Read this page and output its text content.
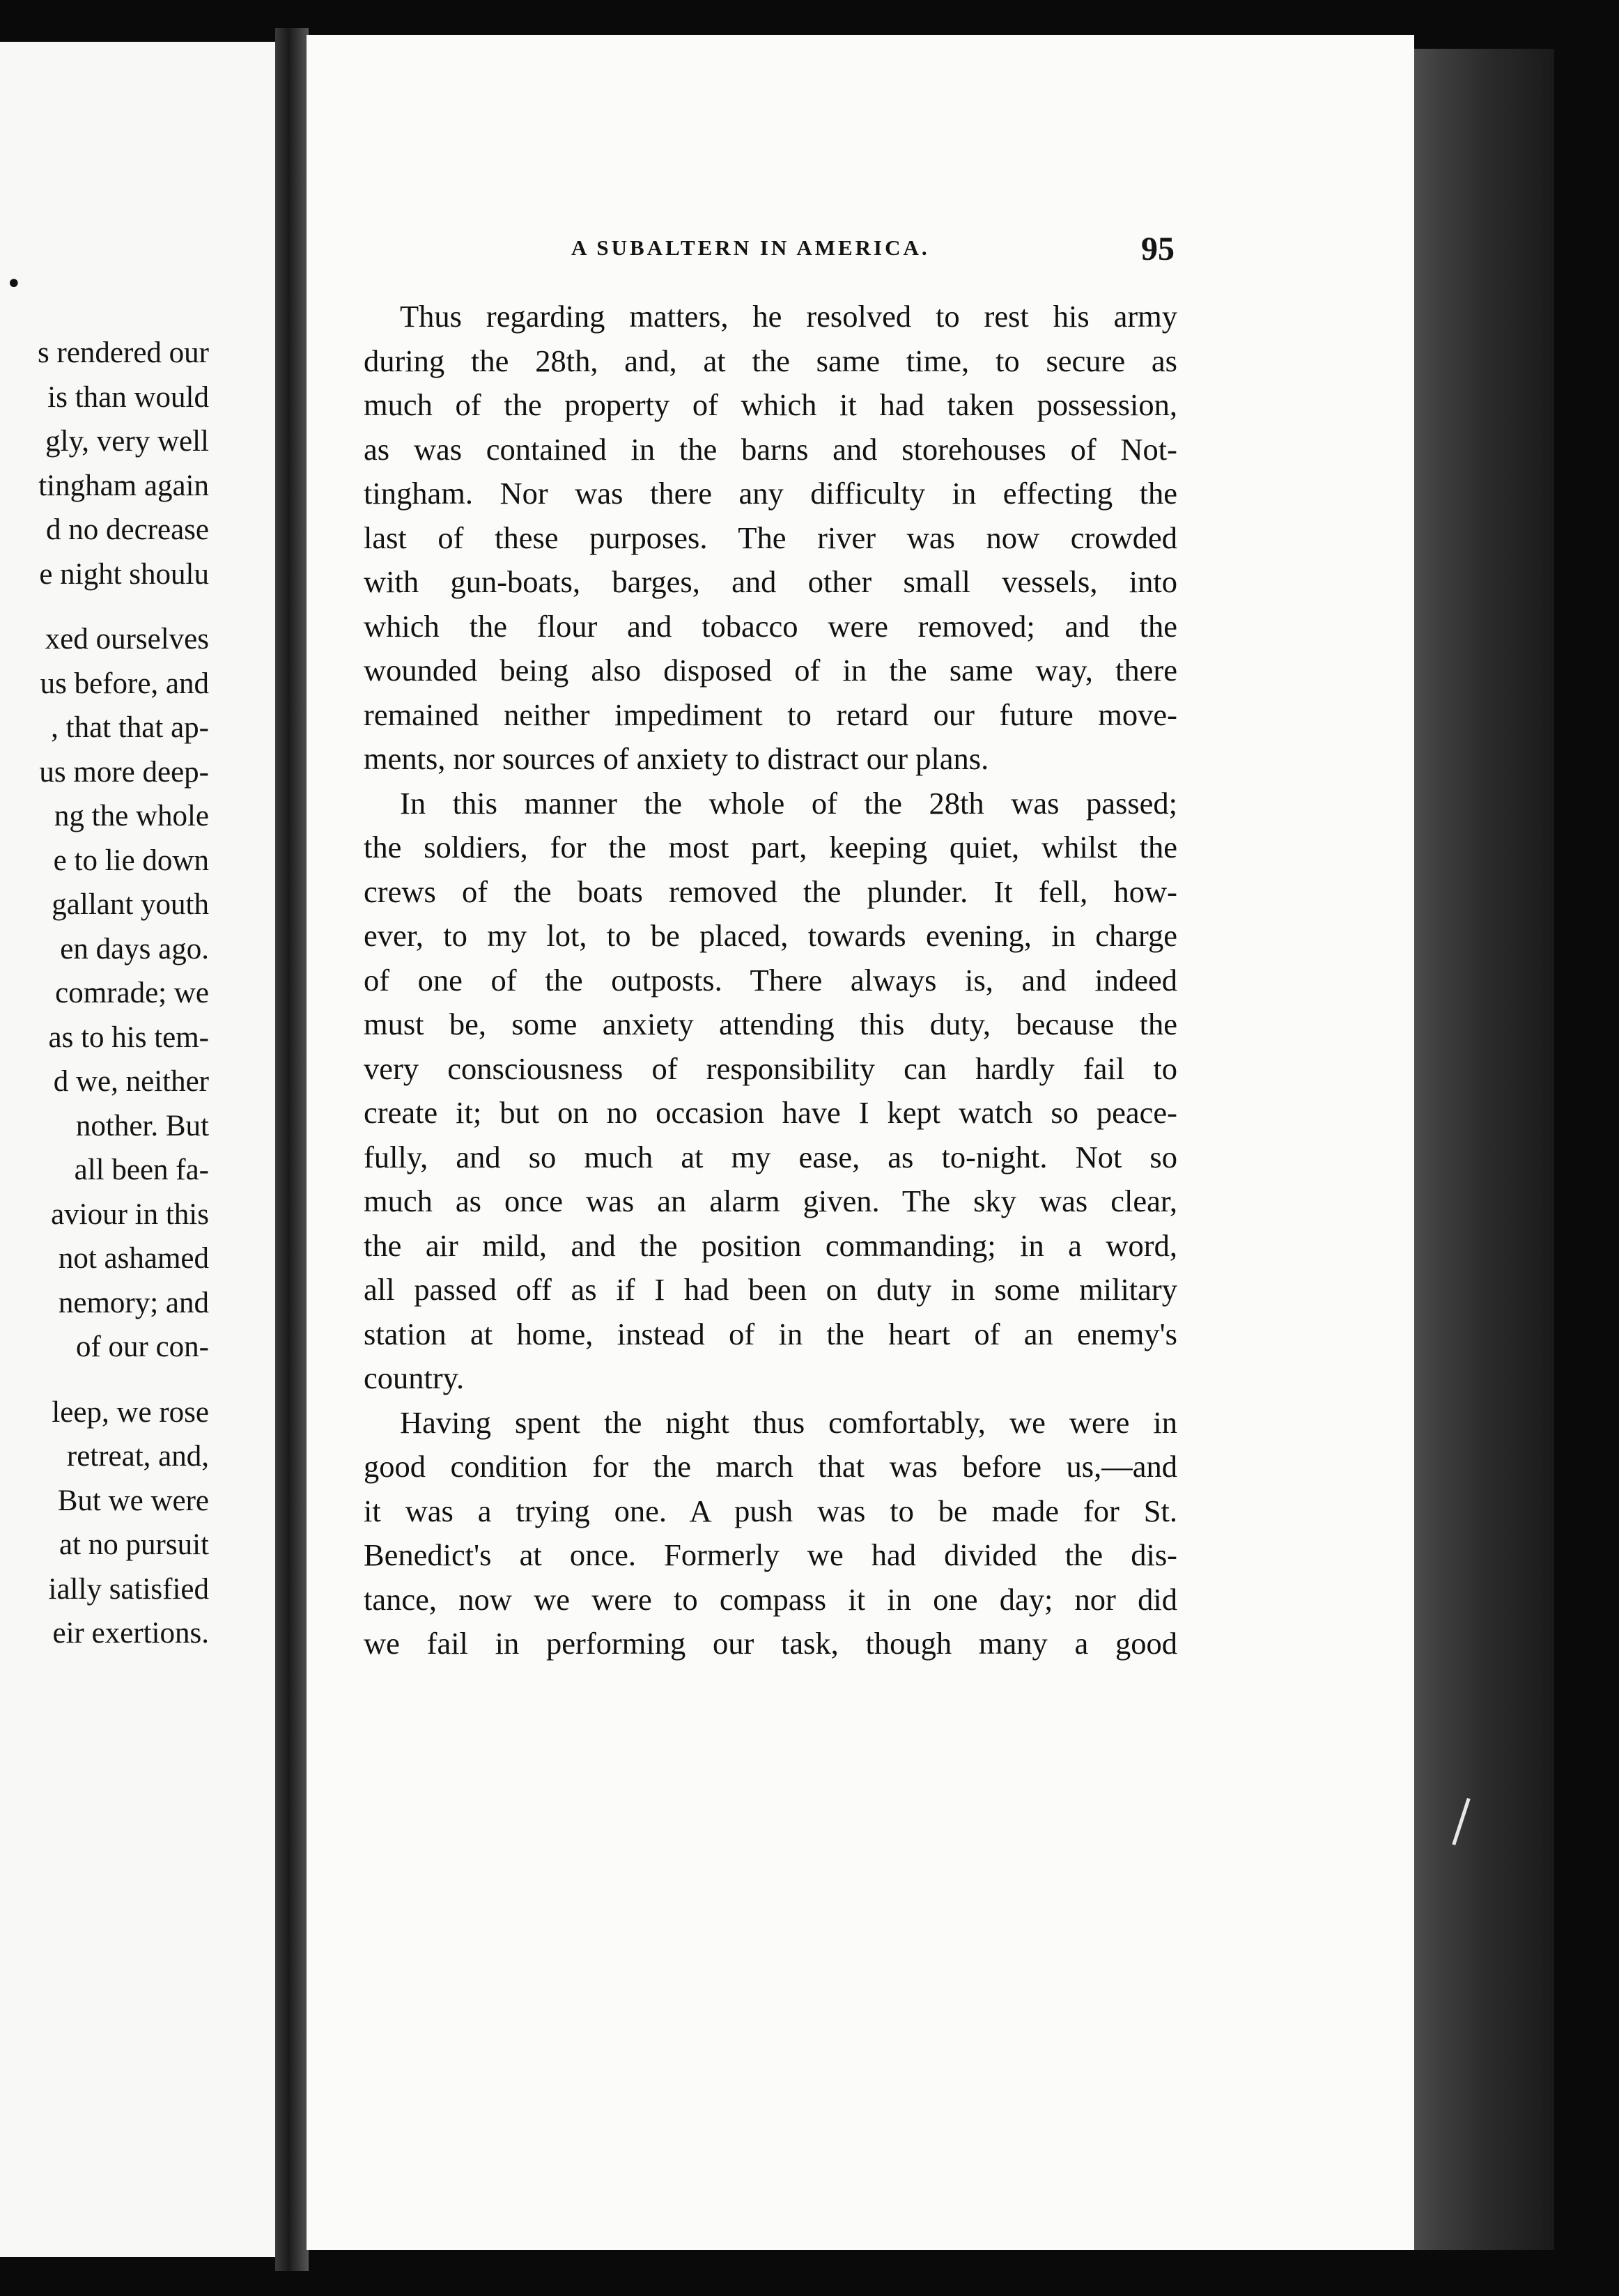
•
s rendered our
is than would
gly, very well
tingham again
d no decrease
e night shoulu
xed ourselves
us before, and
, that that ap-
us more deep-
ng the whole
e to lie down
gallant youth
en days ago.
comrade; we
as to his tem-
d we, neither
nother. But
all been fa-
aviour in this
not ashamed
nemory; and
of our con-
leep, we rose
retreat, and,
But we were
at no pursuit
ially satisfied
eir exertions.
A SUBALTERN IN AMERICA.	95
Thus regarding matters, he resolved to rest his army
during the 28th, and, at the same time, to secure as
much of the property of which it had taken possession,
as was contained in the barns and storehouses of Not-
tingham. Nor was there any difficulty in effecting the
last of these purposes. The river was now crowded
with gun-boats, barges, and other small vessels, into
which the flour and tobacco were removed; and the
wounded being also disposed of in the same way, there
remained neither impediment to retard our future move-
ments, nor sources of anxiety to distract our plans.
In this manner the whole of the 28th was passed;
the soldiers, for the most part, keeping quiet, whilst the
crews of the boats removed the plunder. It fell, how-
ever, to my lot, to be placed, towards evening, in charge
of one of the outposts. There always is, and indeed
must be, some anxiety attending this duty, because the
very consciousness of responsibility can hardly fail to
create it; but on no occasion have I kept watch so peace-
fully, and so much at my ease, as to-night. Not so
much as once was an alarm given. The sky was clear,
the air mild, and the position commanding; in a word,
all passed off as if I had been on duty in some military
station at home, instead of in the heart of an enemy's
country.
Having spent the night thus comfortably, we were in
good condition for the march that was before us,—and
it was a trying one. A push was to be made for St.
Benedict's at once. Formerly we had divided the dis-
tance, now we were to compass it in one day; nor did
we fail in performing our task, though many a good
